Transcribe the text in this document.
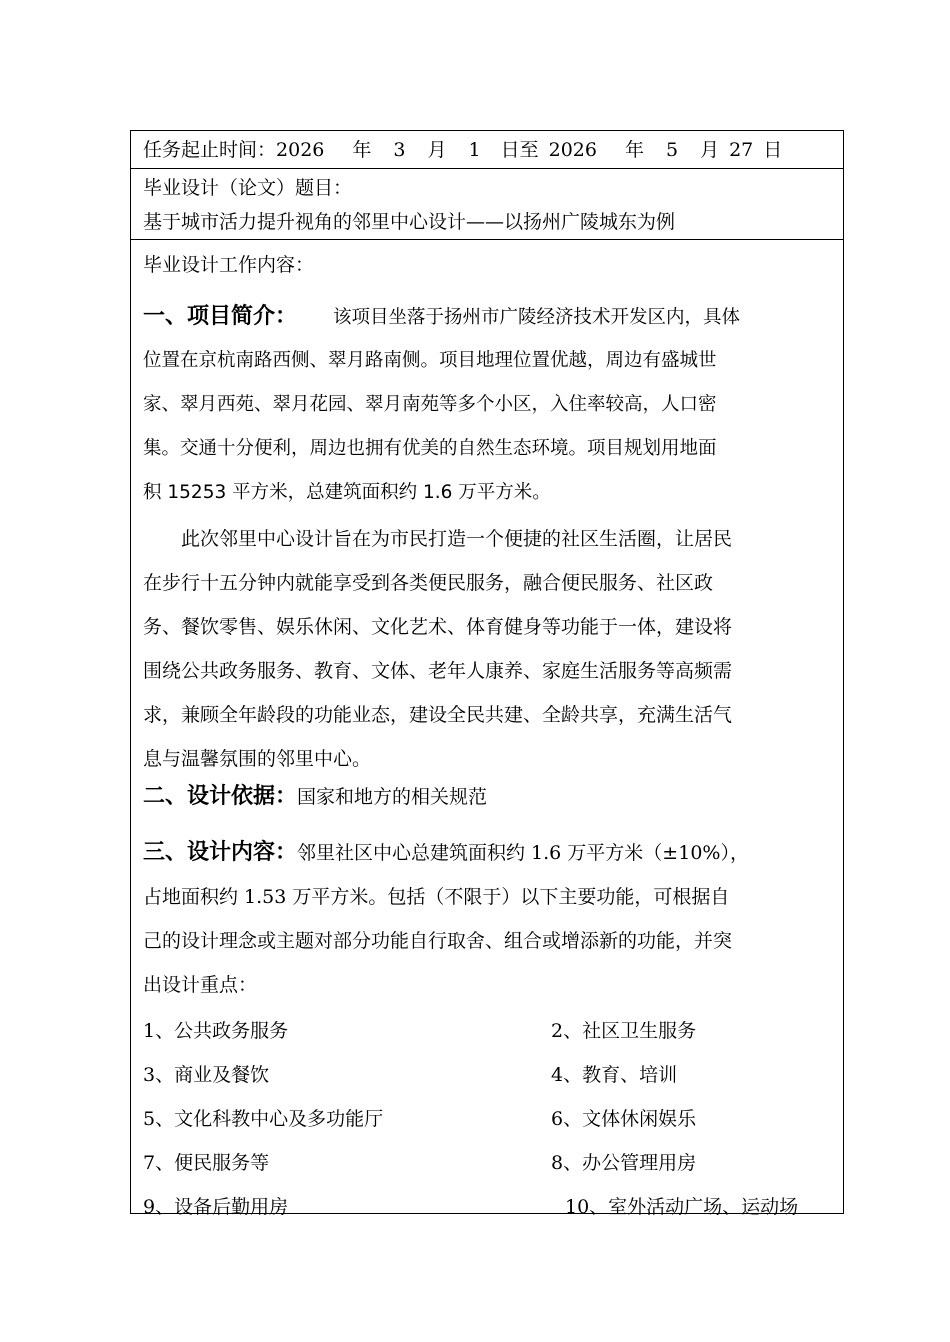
任务起止时间：2026 年 3 月 1 日至 2026 年 5 月 27 日
毕业设计（论文）题目：
基于城市活力提升视角的邻里中心设计——以扬州广陵城东为例
毕业设计工作内容：
一、项目简介： 该项目坐落于扬州市广陵经济技术开发区内，具体
位置在京杭南路西侧、翠月路南侧。项目地理位置优越，周边有盛城世
家、翠月西苑、翠月花园、翠月南苑等多个小区，入住率较高，人口密
集。交通十分便利，周边也拥有优美的自然生态环境。项目规划用地面
积 15253 平方米，总建筑面积约 1.6 万平方米。
此次邻里中心设计旨在为市民打造一个便捷的社区生活圈，让居民
在步行十五分钟内就能享受到各类便民服务，融合便民服务、社区政
务、餐饮零售、娱乐休闲、文化艺术、体育健身等功能于一体，建设将
围绕公共政务服务、教育、文体、老年人康养、家庭生活服务等高频需
求，兼顾全年龄段的功能业态，建设全民共建、全龄共享，充满生活气
息与温馨氛围的邻里中心。
二、设计依据：国家和地方的相关规范
三、设计内容：邻里社区中心总建筑面积约 1.6 万平方米（±10%），
占地面积约 1.53 万平方米。包括（不限于）以下主要功能，可根据自
己的设计理念或主题对部分功能自行取舍、组合或增添新的功能，并突
出设计重点：
1、公共政务服务	2、社区卫生服务
3、商业及餐饮	4、教育、培训
5、文化科教中心及多功能厅	6、文体休闲娱乐
7、便民服务等	8、办公管理用房
9、设备后勤用房	10、室外活动广场、运动场
